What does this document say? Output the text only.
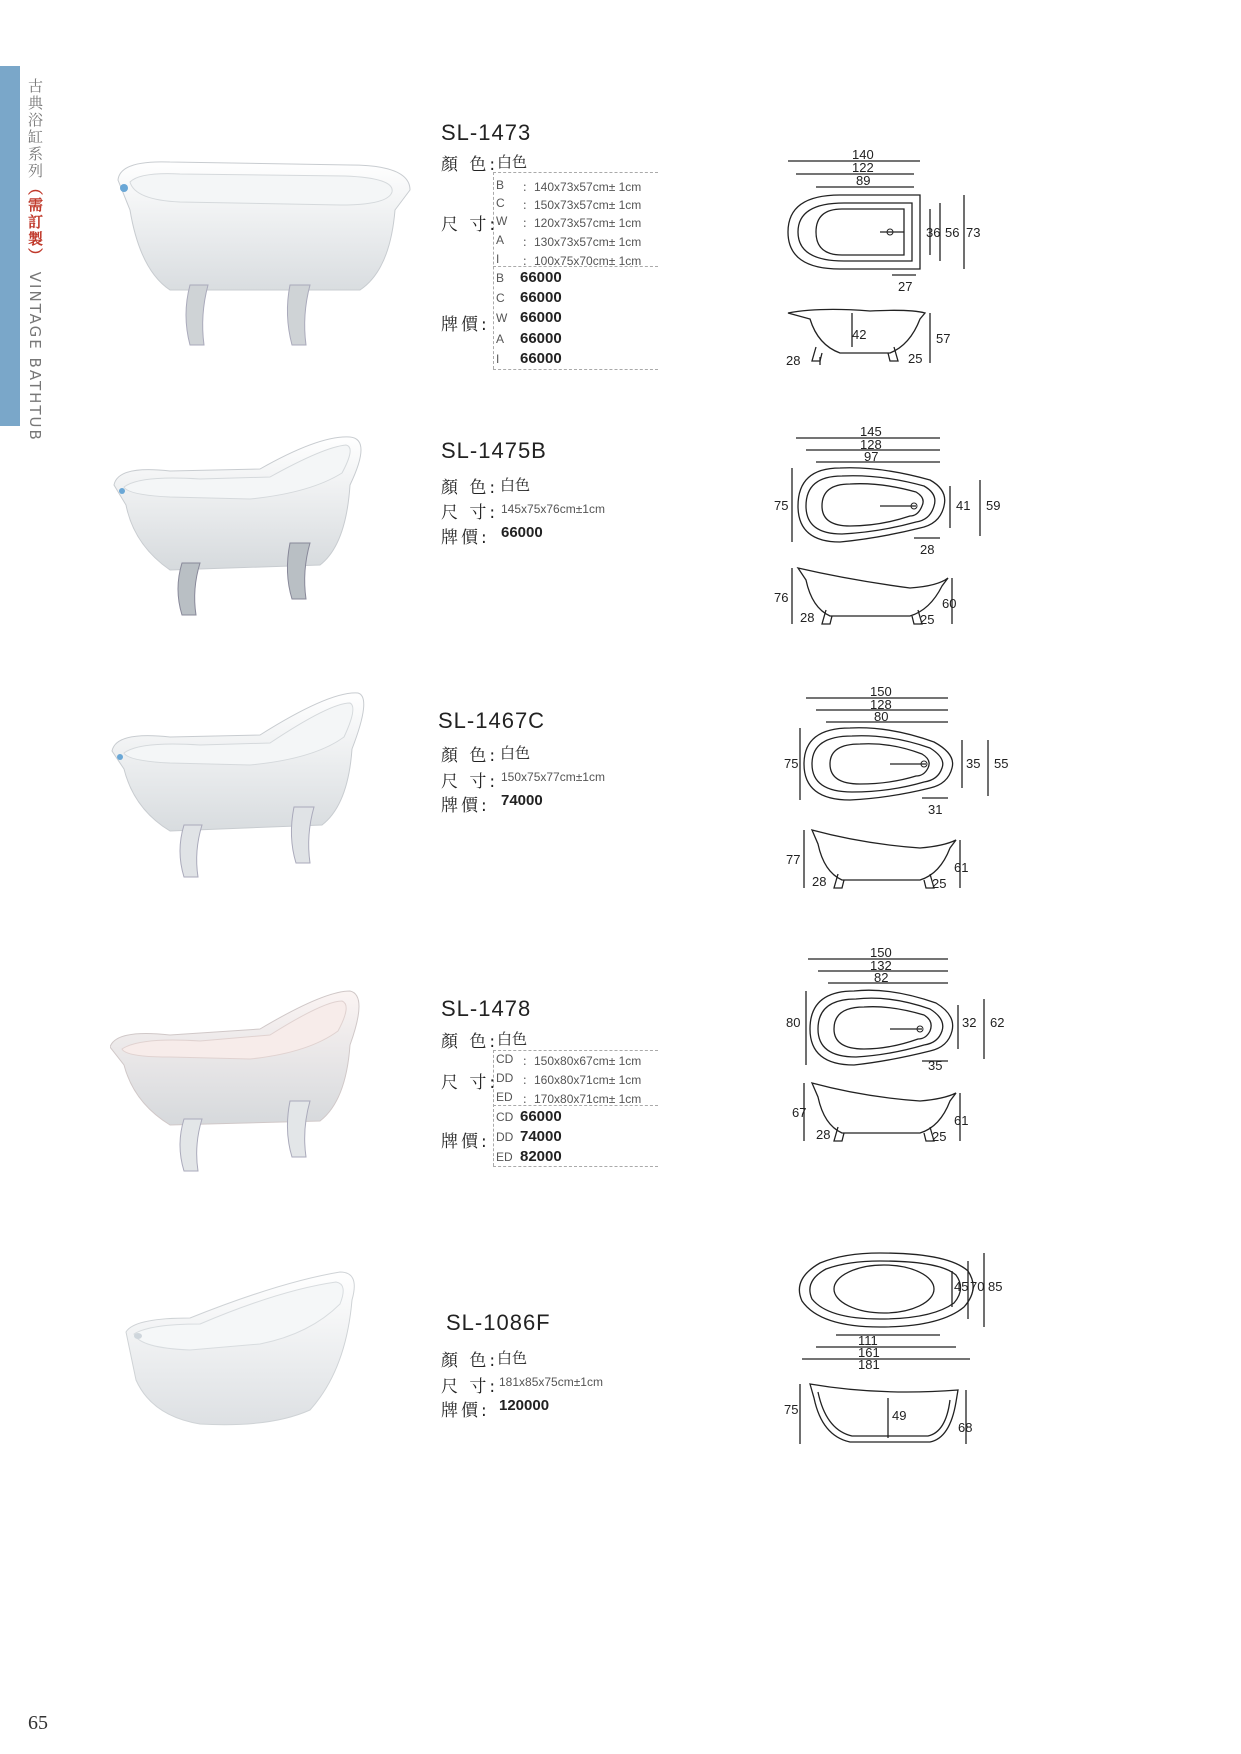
古典浴缸系列（需訂製） VINTAGE BATHTUB
SL-1473
顏 色:
白色
尺 寸:
B ：140x73x57cm± 1cm
C ：150x73x57cm± 1cm
W ：120x73x57cm± 1cm
A ：130x73x57cm± 1cm
I ：100x75x70cm± 1cm
牌價:
B 66000
C 66000
W 66000
A 66000
I 66000
140
122
89
36 56 73
27
42	57
28	25
SL-1475B
顏 色: 白色
尺 寸: 145x75x76cm±1cm
牌價: 66000
145
128
97
75	41 59
28
76	60
28	25
SL-1467C
顏 色: 白色
尺 寸: 150x75x77cm±1cm
牌價: 74000
150
128
80
75	35 55
31
77
61
28	25
SL-1478
顏 色:
白色
尺 寸:
CD ：150x80x67cm± 1cm
DD ：160x80x71cm± 1cm
ED ：170x80x71cm± 1cm
牌價:
CD 66000
DD 74000
ED 82000
150
132
82
80	32 62
35
67
61
28	25
SL-1086F
顏 色:
白色
尺 寸: 181x85x75cm±1cm
牌價: 120000
45 70 85
111
161
181
75	49
68
65
